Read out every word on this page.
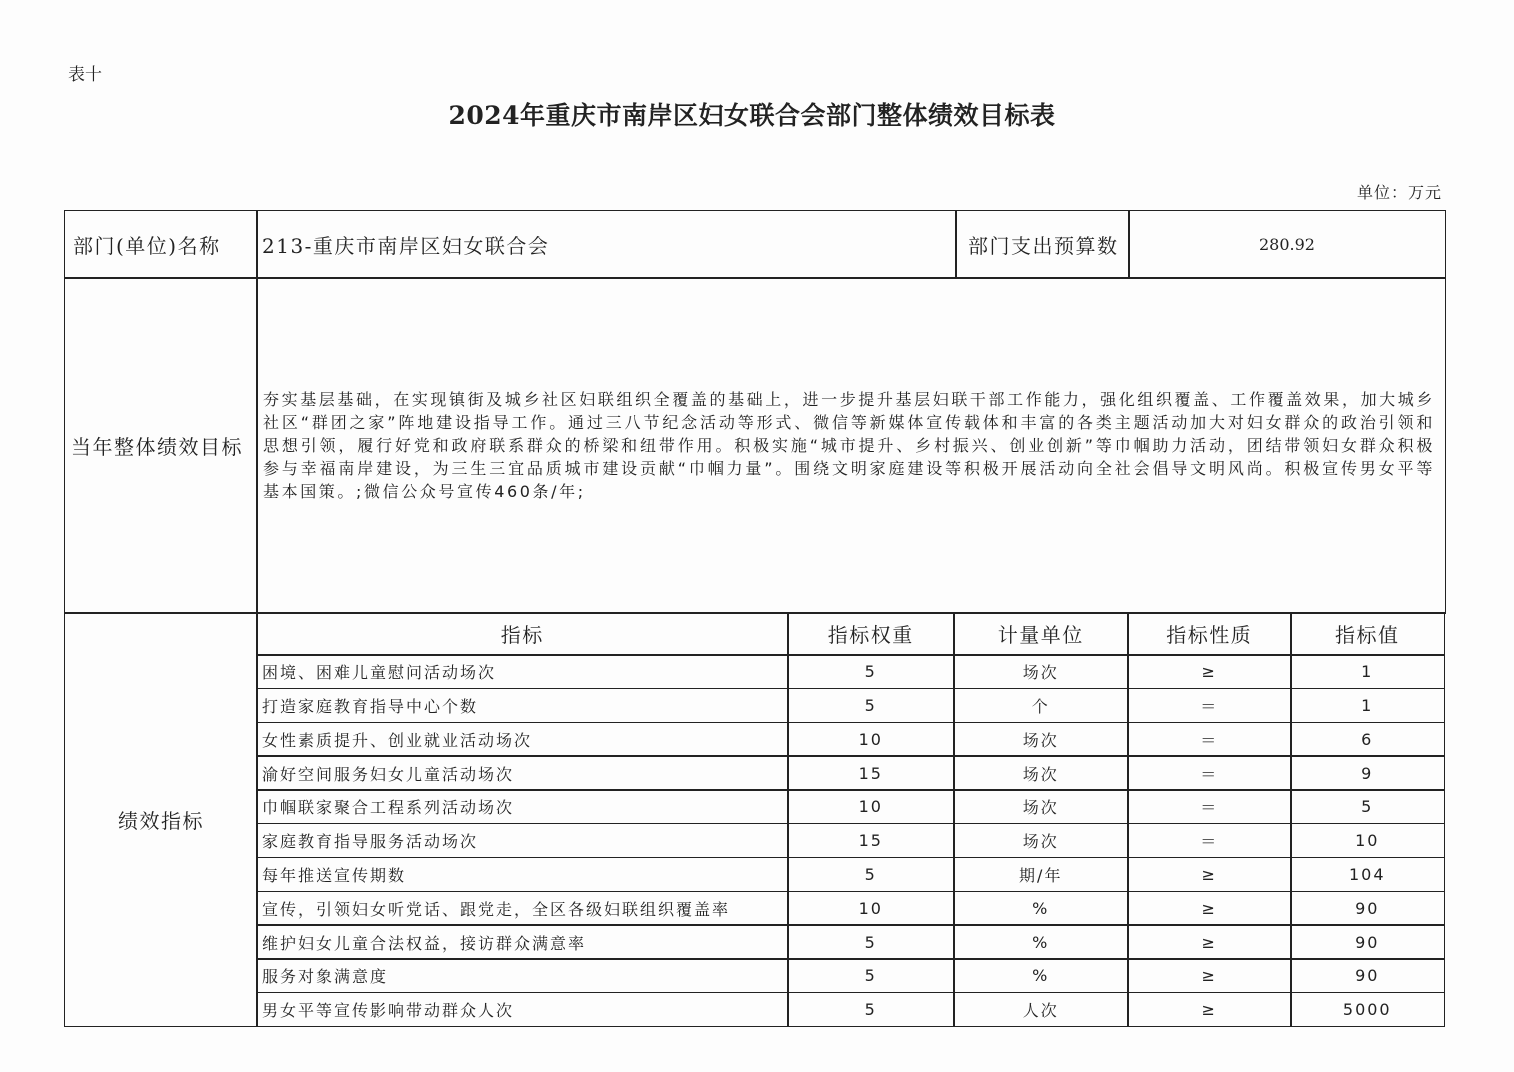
表十
2024年重庆市南岸区妇女联合会部门整体绩效目标表
单位：万元
部门(单位)名称	213-重庆市南岸区妇女联合会	部门支出预算数	280.92
当年整体绩效目标
夯实基层基础，在实现镇街及城乡社区妇联组织全覆盖的基础上，进一步提升基层妇联干部工作能力，强化组织覆盖、工作覆盖效果，加大城乡社区“群团之家”阵地建设指导工作。通过三八节纪念活动等形式、微信等新媒体宣传载体和丰富的各类主题活动加大对妇女群众的政治引领和思想引领，履行好党和政府联系群众的桥梁和纽带作用。积极实施“城市提升、乡村振兴、创业创新”等巾帼助力活动，团结带领妇女群众积极参与幸福南岸建设，为三生三宜品质城市建设贡献“巾帼力量”。围绕文明家庭建设等积极开展活动向全社会倡导文明风尚。积极宣传男女平等基本国策。;微信公众号宣传460条/年;
绩效指标
指标	指标权重	计量单位	指标性质	指标值
困境、困难儿童慰问活动场次	5	场次	≥	1
打造家庭教育指导中心个数	5	个	＝	1
女性素质提升、创业就业活动场次	10	场次	＝	6
渝好空间服务妇女儿童活动场次	15	场次	＝	9
巾帼联家聚合工程系列活动场次	10	场次	＝	5
家庭教育指导服务活动场次	15	场次	＝	10
每年推送宣传期数	5	期/年	≥	104
宣传，引领妇女听党话、跟党走，全区各级妇联组织覆盖率	10	%	≥	90
维护妇女儿童合法权益，接访群众满意率	5	%	≥	90
服务对象满意度	5	%	≥	90
男女平等宣传影响带动群众人次	5	人次	≥	5000
